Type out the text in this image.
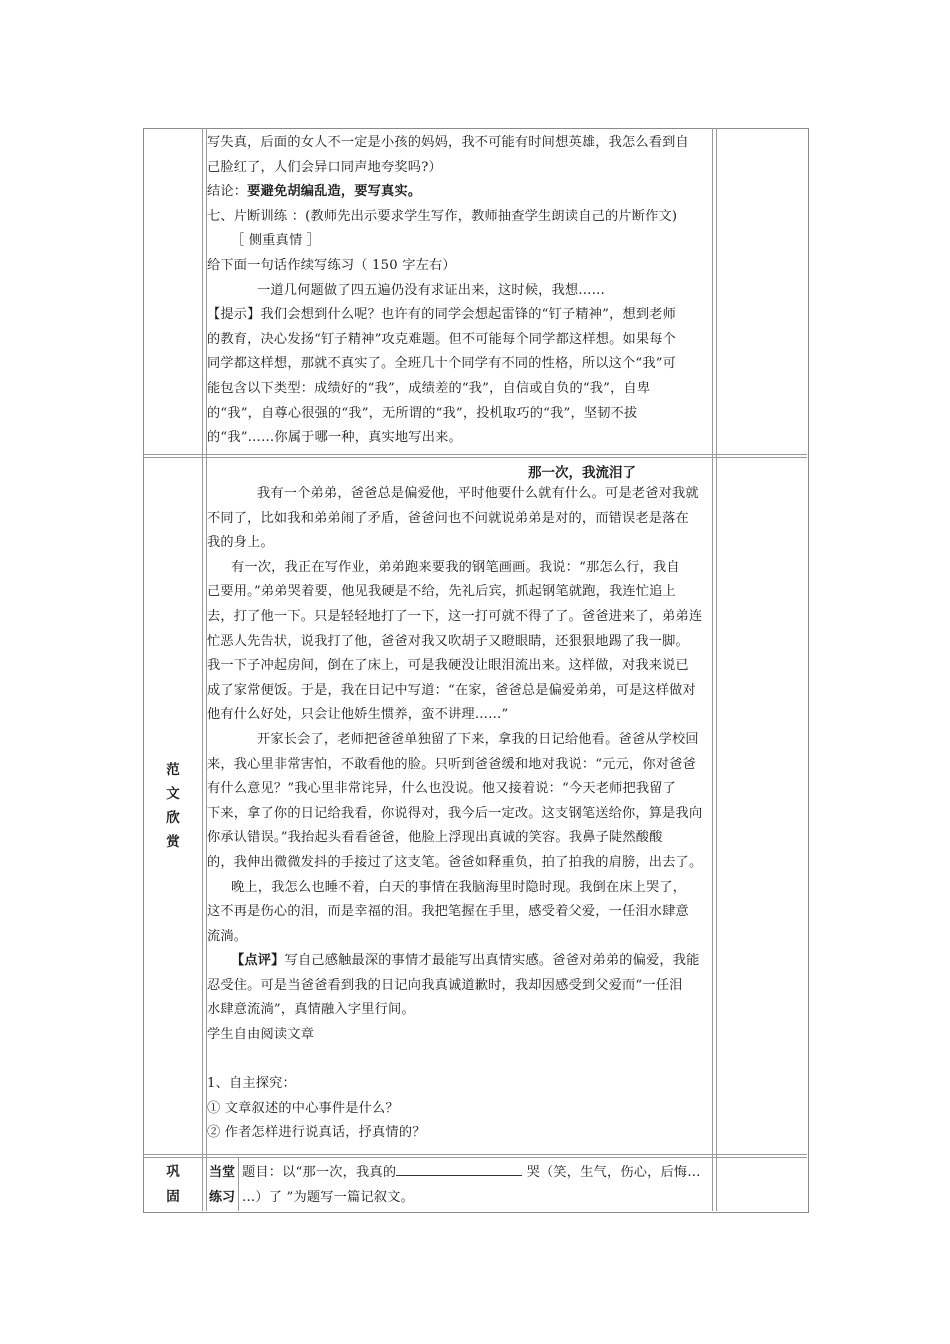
写失真，后面的女人不一定是小孩的妈妈，我不可能有时间想英雄，我怎么看到自

己脸红了，人们会异口同声地夸奖吗?）

结论：要避免胡编乱造，要写真实。

七、片断训练 ：(教师先出示要求学生写作，教师抽查学生朗读自己的片断作文)

［ 侧重真情 ］

给下面一句话作续写练习（ 150 字左右）

一道几何题做了四五遍仍没有求证出来，这时候，我想……

【提示】我们会想到什么呢？也许有的同学会想起雷锋的“钉子精神”，想到老师

的教育，决心发扬“钉子精神”攻克难题。但不可能每个同学都这样想。如果每个

同学都这样想，那就不真实了。全班几十个同学有不同的性格，所以这个“我”可

能包含以下类型：成绩好的“我”，成绩差的“我”，自信或自负的“我”，自卑

的“我”，自尊心很强的“我”，无所谓的“我”，投机取巧的“我”，坚韧不拔

的“我”……你属于哪一种，真实地写出来。

范
文
欣
赏
那一次，我流泪了

我有一个弟弟，爸爸总是偏爱他，平时他要什么就有什么。可是老爸对我就

不同了，比如我和弟弟闹了矛盾，爸爸问也不问就说弟弟是对的，而错误老是落在

我的身上。

有一次，我正在写作业，弟弟跑来要我的钢笔画画。我说：“那怎么行，我自

己要用。”弟弟哭着要，他见我硬是不给，先礼后宾，抓起钢笔就跑，我连忙追上

去，打了他一下。只是轻轻地打了一下，这一打可就不得了了。爸爸进来了，弟弟连

忙恶人先告状，说我打了他，爸爸对我又吹胡子又瞪眼睛，还狠狠地踢了我一脚。

我一下子冲起房间，倒在了床上，可是我硬没让眼泪流出来。这样做，对我来说已

成了家常便饭。于是，我在日记中写道：“在家，爸爸总是偏爱弟弟，可是这样做对

他有什么好处，只会让他娇生惯养，蛮不讲理……”

开家长会了，老师把爸爸单独留了下来，拿我的日记给他看。爸爸从学校回

来，我心里非常害怕，不敢看他的脸。只听到爸爸缓和地对我说：“元元，你对爸爸

有什么意见？”我心里非常诧异，什么也没说。他又接着说：“今天老师把我留了

下来，拿了你的日记给我看，你说得对，我今后一定改。这支钢笔送给你，算是我向

你承认错误。”我抬起头看看爸爸，他脸上浮现出真诚的笑容。我鼻子陡然酸酸

的，我伸出微微发抖的手接过了这支笔。爸爸如释重负，拍了拍我的肩膀，出去了。

晚上，我怎么也睡不着，白天的事情在我脑海里时隐时现。我倒在床上哭了，

这不再是伤心的泪，而是幸福的泪。我把笔握在手里，感受着父爱，一任泪水肆意

流淌。

【点评】写自己感触最深的事情才最能写出真情实感。爸爸对弟弟的偏爱，我能

忍受住。可是当爸爸看到我的日记向我真诚道歉时，我却因感受到父爱而“一任泪

水肆意流淌”，真情融入字里行间。

学生自由阅读文章

1、自主探究：

① 文章叙述的中心事件是什么？

② 作者怎样进行说真话，抒真情的？

巩
固
当堂
练习

题目：以“那一次，我真的	哭（笑，生气，伤心，后悔…

…）了 ”为题写一篇记叙文。
